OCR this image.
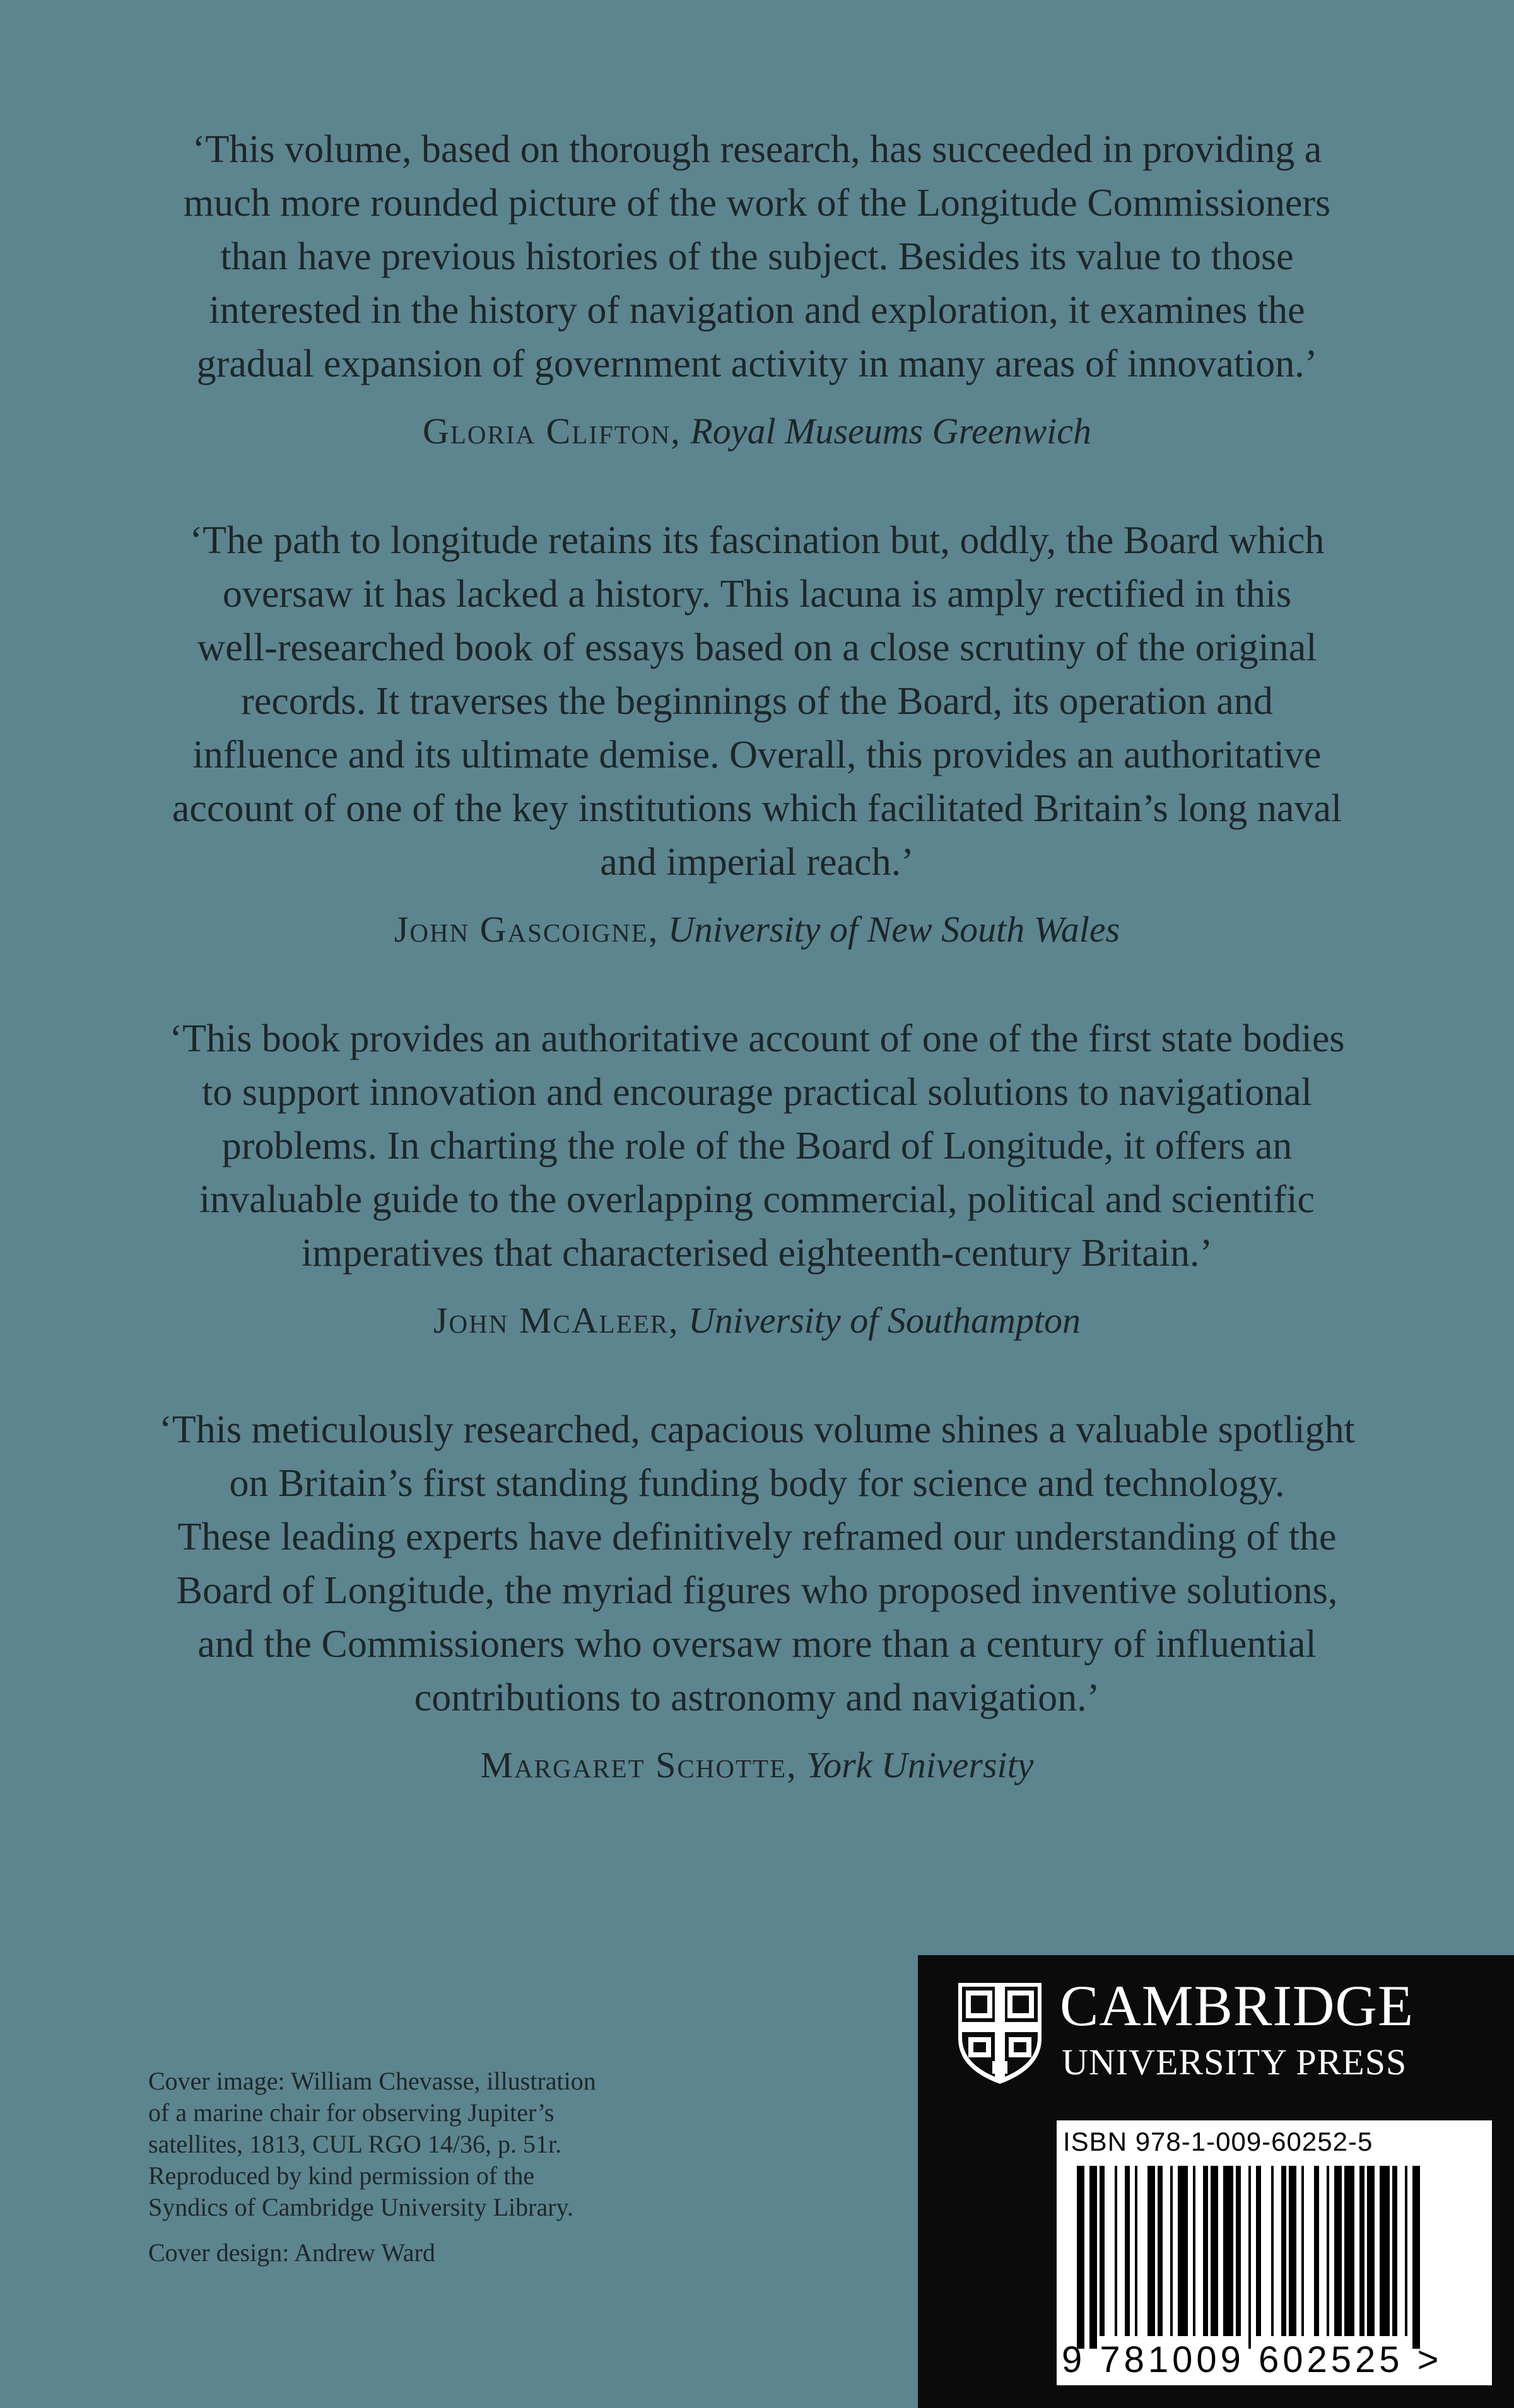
‘This volume, based on thorough research, has succeeded in providing a
much more rounded picture of the work of the Longitude Commissioners
than have previous histories of the subject. Besides its value to those
interested in the history of navigation and exploration, it examines the
gradual expansion of government activity in many areas of innovation.’

Gloria Clifton, Royal Museums Greenwich

‘The path to longitude retains its fascination but, oddly, the Board which
oversaw it has lacked a history. This lacuna is amply rectified in this
well-researched book of essays based on a close scrutiny of the original
records. It traverses the beginnings of the Board, its operation and
influence and its ultimate demise. Overall, this provides an authoritative
account of one of the key institutions which facilitated Britain’s long naval
and imperial reach.’

John Gascoigne, University of New South Wales

‘This book provides an authoritative account of one of the first state bodies
to support innovation and encourage practical solutions to navigational
problems. In charting the role of the Board of Longitude, it offers an
invaluable guide to the overlapping commercial, political and scientific
imperatives that characterised eighteenth-century Britain.’

John McAleer, University of Southampton

‘This meticulously researched, capacious volume shines a valuable spotlight
on Britain’s first standing funding body for science and technology.
These leading experts have definitively reframed our understanding of the
Board of Longitude, the myriad figures who proposed inventive solutions,
and the Commissioners who oversaw more than a century of influential
contributions to astronomy and navigation.’

Margaret Schotte, York University
Cover image: William Chevasse, illustration
of a marine chair for observing Jupiter’s
satellites, 1813, CUL RGO 14/36, p. 51r.
Reproduced by kind permission of the
Syndics of Cambridge University Library.
Cover design: Andrew Ward
CAMBRIDGE
UNIVERSITY PRESS
ISBN 978-1-009-60252-5
9 781009 602525 >
